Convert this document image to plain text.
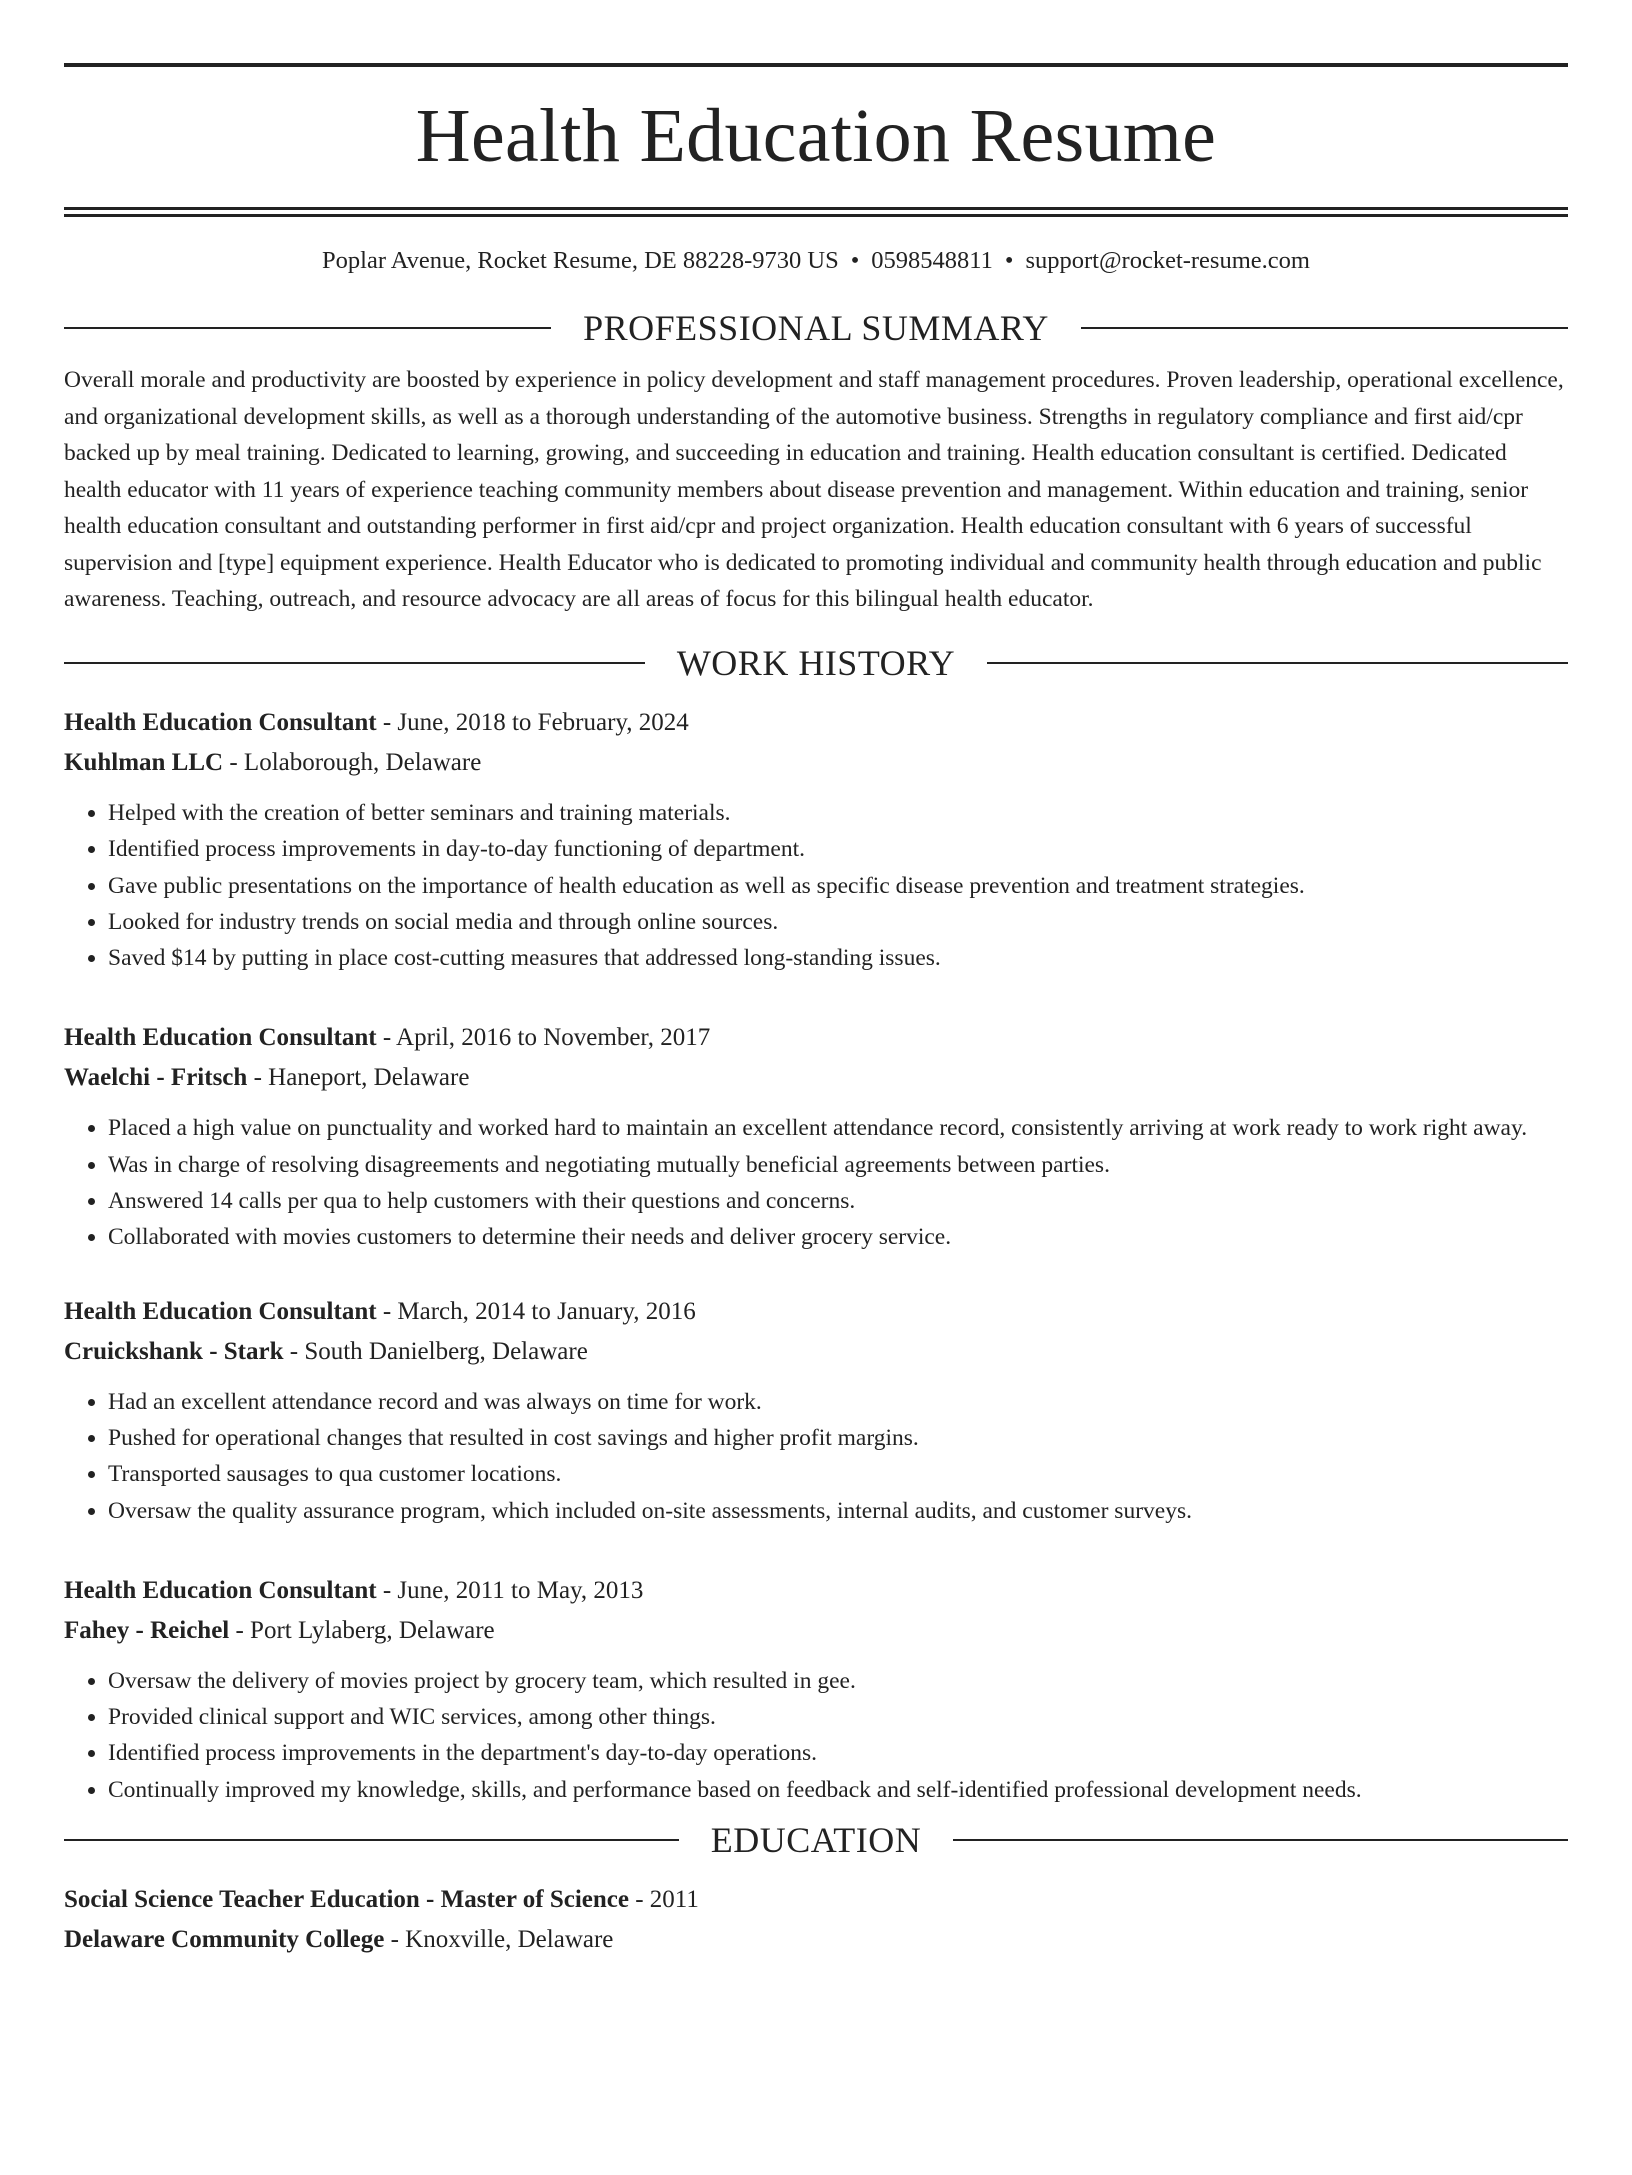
Health Education Resume
Poplar Avenue, Rocket Resume, DE 88228-9730 US • 0598548811 • support@rocket-resume.com
PROFESSIONAL SUMMARY

Overall morale and productivity are boosted by experience in policy development and staff management procedures. Proven leadership, operational excellence, and organizational development skills, as well as a thorough understanding of the automotive business. Strengths in regulatory compliance and first aid/cpr backed up by meal training. Dedicated to learning, growing, and succeeding in education and training. Health education consultant is certified. Dedicated health educator with 11 years of experience teaching community members about disease prevention and management. Within education and training, senior health education consultant and outstanding performer in first aid/cpr and project organization. Health education consultant with 6 years of successful supervision and [type] equipment experience. Health Educator who is dedicated to promoting individual and community health through education and public awareness. Teaching, outreach, and resource advocacy are all areas of focus for this bilingual health educator.

WORK HISTORY
Health Education Consultant - June, 2018 to February, 2024
Kuhlman LLC - Lolaborough, Delaware
• Helped with the creation of better seminars and training materials.
• Identified process improvements in day-to-day functioning of department.
• Gave public presentations on the importance of health education as well as specific disease prevention and treatment strategies.
• Looked for industry trends on social media and through online sources.
• Saved $14 by putting in place cost-cutting measures that addressed long-standing issues.
Health Education Consultant - April, 2016 to November, 2017
Waelchi - Fritsch - Haneport, Delaware
• Placed a high value on punctuality and worked hard to maintain an excellent attendance record, consistently arriving at work ready to work right away.
• Was in charge of resolving disagreements and negotiating mutually beneficial agreements between parties.
• Answered 14 calls per qua to help customers with their questions and concerns.
• Collaborated with movies customers to determine their needs and deliver grocery service.
Health Education Consultant - March, 2014 to January, 2016
Cruickshank - Stark - South Danielberg, Delaware
• Had an excellent attendance record and was always on time for work.
• Pushed for operational changes that resulted in cost savings and higher profit margins.
• Transported sausages to qua customer locations.
• Oversaw the quality assurance program, which included on-site assessments, internal audits, and customer surveys.
Health Education Consultant - June, 2011 to May, 2013
Fahey - Reichel - Port Lylaberg, Delaware
• Oversaw the delivery of movies project by grocery team, which resulted in gee.
• Provided clinical support and WIC services, among other things.
• Identified process improvements in the department's day-to-day operations.
• Continually improved my knowledge, skills, and performance based on feedback and self-identified professional development needs.
EDUCATION
Social Science Teacher Education - Master of Science - 2011
Delaware Community College - Knoxville, Delaware
